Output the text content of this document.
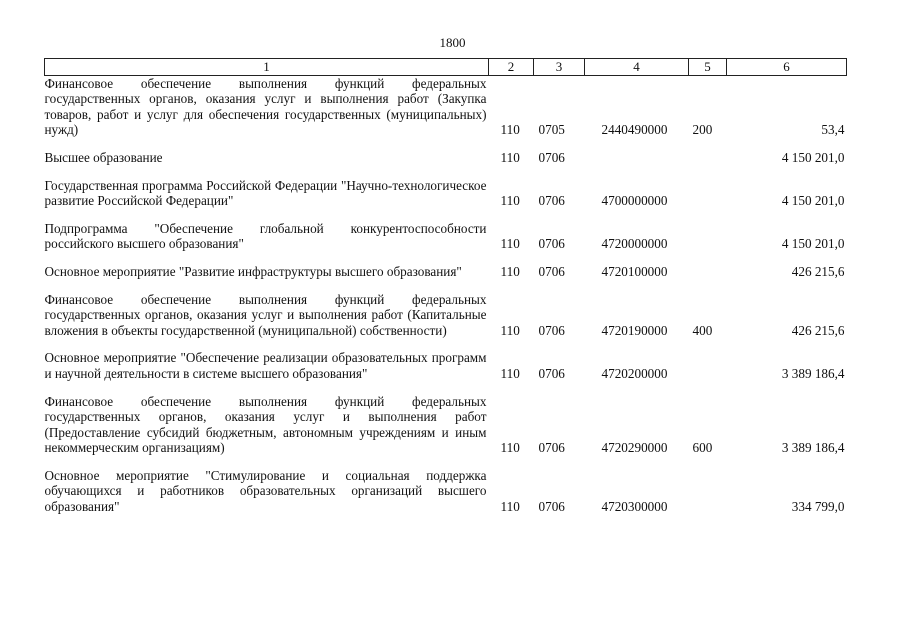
1800
1	2	3	4	5	6
Финансовое обеспечение выполнения функций федеральных государственных органов, оказания услуг и выполнения работ (Закупка товаров, работ и услуг для обеспечения государственных (муниципальных) нужд)	110	0705	2440490000	200	53,4

Высшее образование	110	0706			4 150 201,0

Государственная программа Российской Федерации "Научно-технологическое развитие Российской Федерации"	110	0706	4700000000		4 150 201,0

Подпрограмма "Обеспечение глобальной конкурентоспособности российского высшего образования"	110	0706	4720000000		4 150 201,0

Основное мероприятие "Развитие инфраструктуры высшего образования"	110	0706	4720100000		426 215,6

Финансовое обеспечение выполнения функций федеральных государственных органов, оказания услуг и выполнения работ (Капитальные вложения в объекты государственной (муниципальной) собственности)	110	0706	4720190000	400	426 215,6

Основное мероприятие "Обеспечение реализации образовательных программ и научной деятельности в системе высшего образования"	110	0706	4720200000		3 389 186,4

Финансовое обеспечение выполнения функций федеральных государственных органов, оказания услуг и выполнения работ (Предоставление субсидий бюджетным, автономным учреждениям и иным некоммерческим организациям)	110	0706	4720290000	600	3 389 186,4

Основное мероприятие "Стимулирование и социальная поддержка обучающихся и работников образовательных организаций высшего образования"	110	0706	4720300000		334 799,0
